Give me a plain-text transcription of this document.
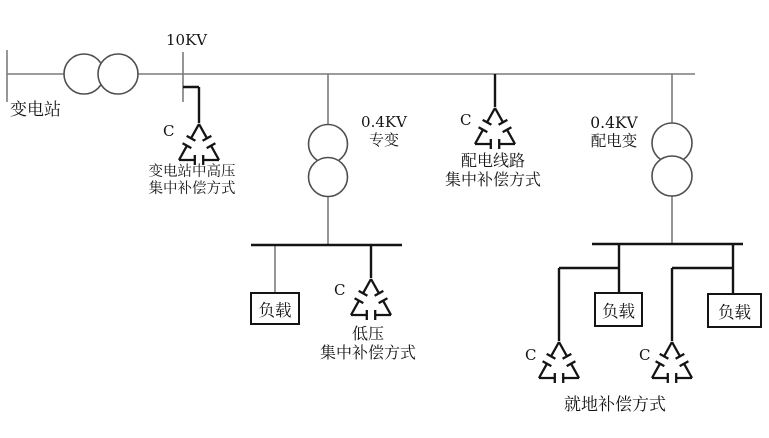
变电站
10KV
变电站中高压
集中补偿方式
0.4KV
专变
配电线路
集中补偿方式
0.4KV
配电变
低压
集中补偿方式
就地补偿方式
C
C
C
C	C
负载	负载	负载
